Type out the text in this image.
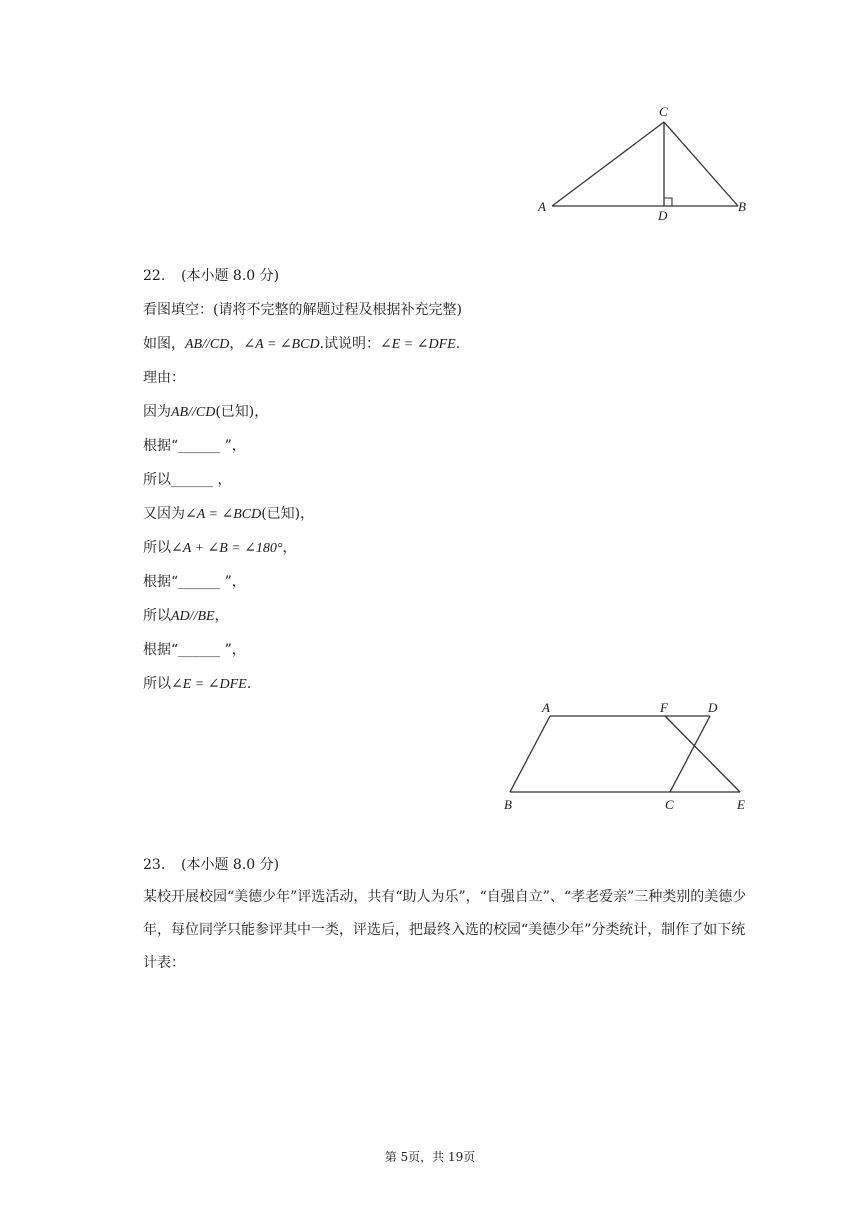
C
A
D
B
22. (本小题 8.0 分)
看图填空：(请将不完整的解题过程及根据补充完整)
如图，AB//CD，∠A = ∠BCD.试说明：∠E = ∠DFE.
理由：
因为AB//CD(已知)，
根据“______ ”，
所以______ ，
又因为∠A = ∠BCD(已知)，
所以∠A + ∠B = ∠180°，
根据“______ ”，
所以AD//BE，
根据“______ ”，
所以∠E = ∠DFE.
A	F	D
B	C	E
23. (本小题 8.0 分)
某校开展校园“美德少年”评选活动，共有“助人为乐”，“自强自立”、“孝老爱亲”三种类别的美德少年，每位同学只能参评其中一类，评选后，把最终入选的校园“美德少年”分类统计，制作了如下统计表：
第 5页，共 19页
